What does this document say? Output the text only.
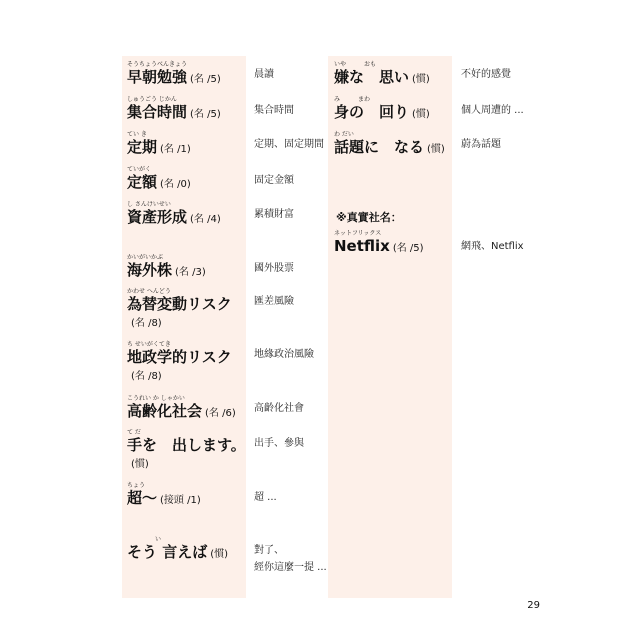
そうちょうべんきょう
早朝勉強 (名 /5)	晨讀
しゅうごう じかん
集合時間 (名 /5)	集合時間
てい き
定期 (名 /1)	定期、固定期間
ていがく
定額 (名 /0)	固定金額
し さんけいせい
資產形成 (名 /4)	累積財富
かいがいかぶ
海外株 (名 /3)	國外股票
かわせ へんどう
為替変動リスク
(名 /8)
匯差風險
ち せいがくてき
地政学的リスク
(名 /8)
地緣政治風險
こうれい か しゃかい
高齢化社会 (名 /6) 高齡化社會
て だ
手を　出します。
(慣)
出手、參與
ちょう
超〜 (接頭 /1)	超 ...
い
そう 言えば (慣)	對了、
經你這麼一提 ...
いや　　　おも
嫌な　思い (慣)	不好的感覺
み　　　まわ
身の　回り (慣)	個人周遭的 ...
わ だい
話題に　なる (慣) 蔚為話題
※真實社名：
ネットフリックス
Netflix (名 /5)	網飛、Netflix
29
